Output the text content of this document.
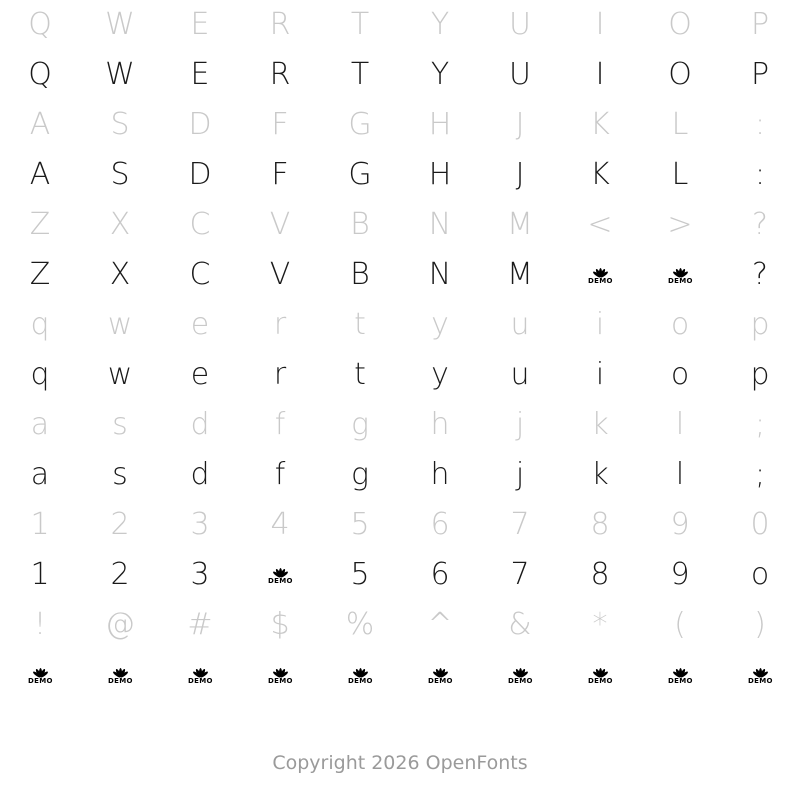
Q W E R T Y U I O P
Q W E R T Y U I O P
A S D F G H J K L :
A S D F G H J K L :
Z X C V B N M < > ?
Z X C V B N M	DEMO	DEMO ?
q w e r t y u i o p
q w e r t y u i o p
a s d f g h j k l ;
a s d f g h j k l ;
1 2 3 4 5 6 7 8 9 0
1 2 3	DEMO 5 6 7 8 9 o
! @ # $ % ^ & * ( )
DEMO	DEMO	DEMO	DEMO	DEMO	DEMO	DEMO	DEMO	DEMO	DEMO
Copyright 2026 OpenFonts
